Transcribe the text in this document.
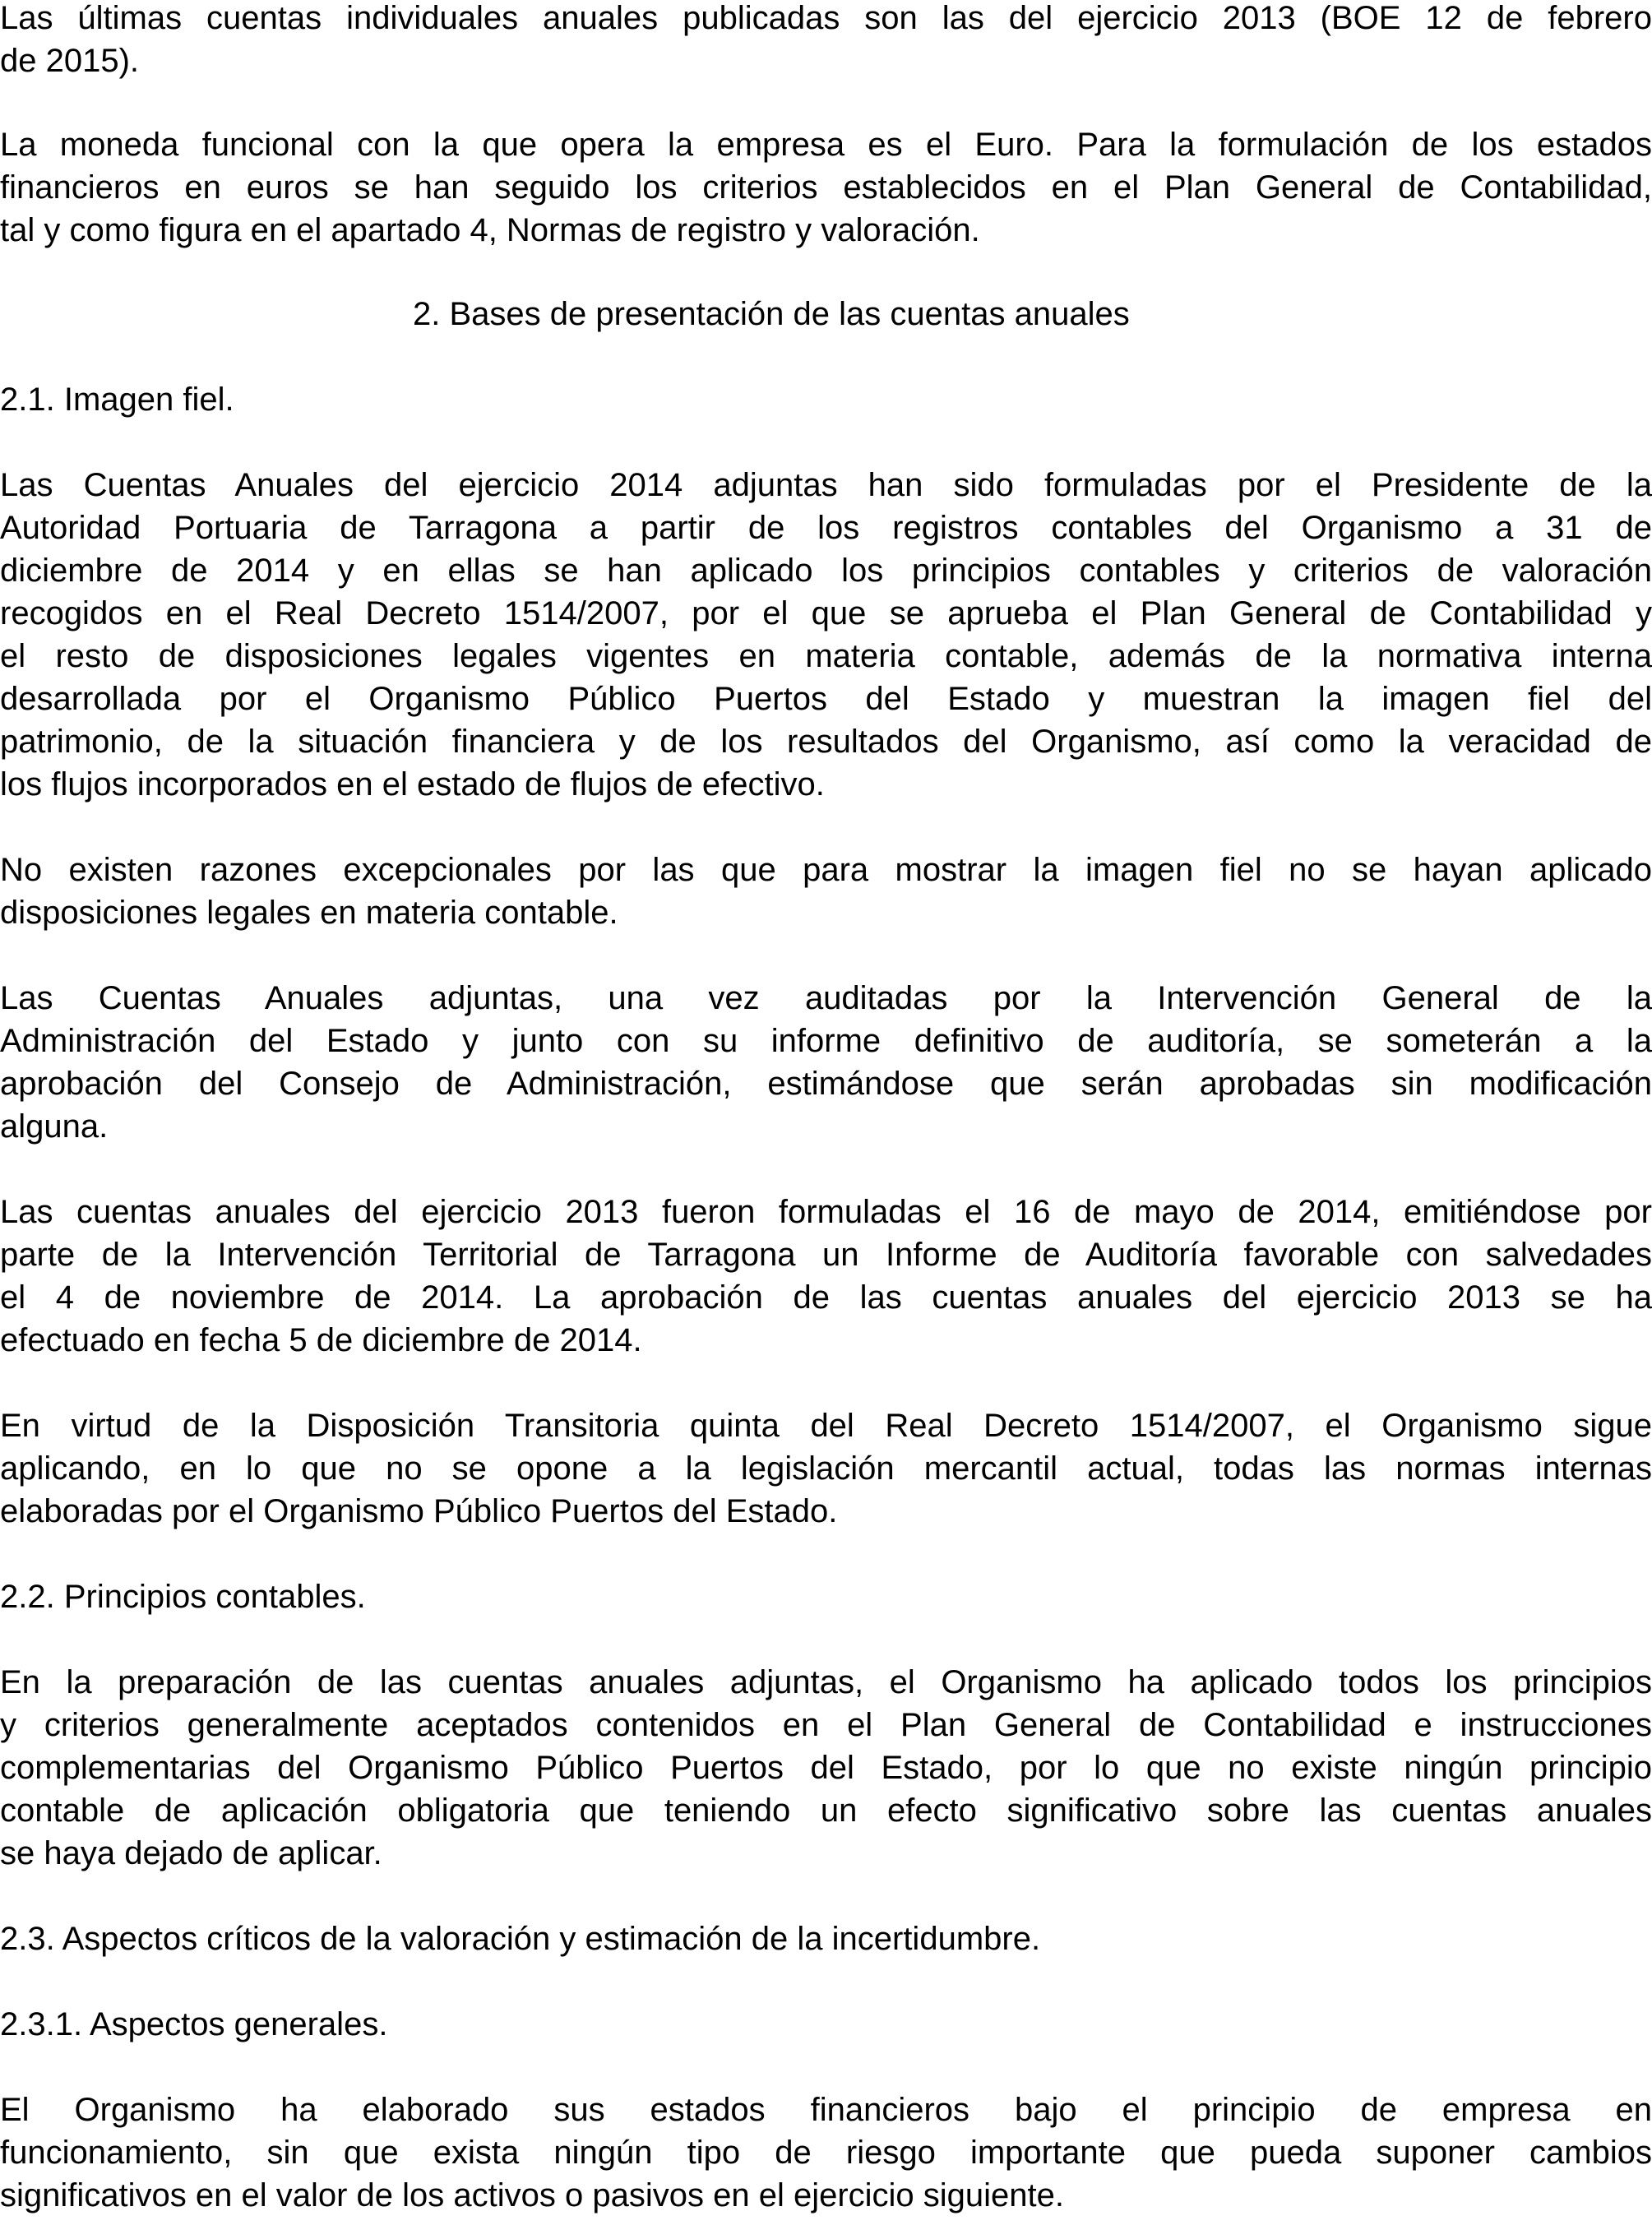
Las últimas cuentas individuales anuales publicadas son las del ejercicio 2013 (BOE 12 de febrero
de 2015).
La moneda funcional con la que opera la empresa es el Euro. Para la formulación de los estados
financieros en euros se han seguido los criterios establecidos en el Plan General de Contabilidad,
tal y como figura en el apartado 4, Normas de registro y valoración.
2. Bases de presentación de las cuentas anuales
2.1. Imagen fiel.
Las Cuentas Anuales del ejercicio 2014 adjuntas han sido formuladas por el Presidente de la
Autoridad Portuaria de Tarragona a partir de los registros contables del Organismo a 31 de
diciembre de 2014 y en ellas se han aplicado los principios contables y criterios de valoración
recogidos en el Real Decreto 1514/2007, por el que se aprueba el Plan General de Contabilidad y
el resto de disposiciones legales vigentes en materia contable, además de la normativa interna
desarrollada por el Organismo Público Puertos del Estado y muestran la imagen fiel del
patrimonio, de la situación financiera y de los resultados del Organismo, así como la veracidad de
los flujos incorporados en el estado de flujos de efectivo.
No existen razones excepcionales por las que para mostrar la imagen fiel no se hayan aplicado
disposiciones legales en materia contable.
Las Cuentas Anuales adjuntas, una vez auditadas por la Intervención General de la
Administración del Estado y junto con su informe definitivo de auditoría, se someterán a la
aprobación del Consejo de Administración, estimándose que serán aprobadas sin modificación
alguna.
Las cuentas anuales del ejercicio 2013 fueron formuladas el 16 de mayo de 2014, emitiéndose por
parte de la Intervención Territorial de Tarragona un Informe de Auditoría favorable con salvedades
el 4 de noviembre de 2014. La aprobación de las cuentas anuales del ejercicio 2013 se ha
efectuado en fecha 5 de diciembre de 2014.
En virtud de la Disposición Transitoria quinta del Real Decreto 1514/2007, el Organismo sigue
aplicando, en lo que no se opone a la legislación mercantil actual, todas las normas internas
elaboradas por el Organismo Público Puertos del Estado.
2.2. Principios contables.
En la preparación de las cuentas anuales adjuntas, el Organismo ha aplicado todos los principios
y criterios generalmente aceptados contenidos en el Plan General de Contabilidad e instrucciones
complementarias del Organismo Público Puertos del Estado, por lo que no existe ningún principio
contable de aplicación obligatoria que teniendo un efecto significativo sobre las cuentas anuales
se haya dejado de aplicar.
2.3. Aspectos críticos de la valoración y estimación de la incertidumbre.
2.3.1. Aspectos generales.
El Organismo ha elaborado sus estados financieros bajo el principio de empresa en
funcionamiento, sin que exista ningún tipo de riesgo importante que pueda suponer cambios
significativos en el valor de los activos o pasivos en el ejercicio siguiente.
